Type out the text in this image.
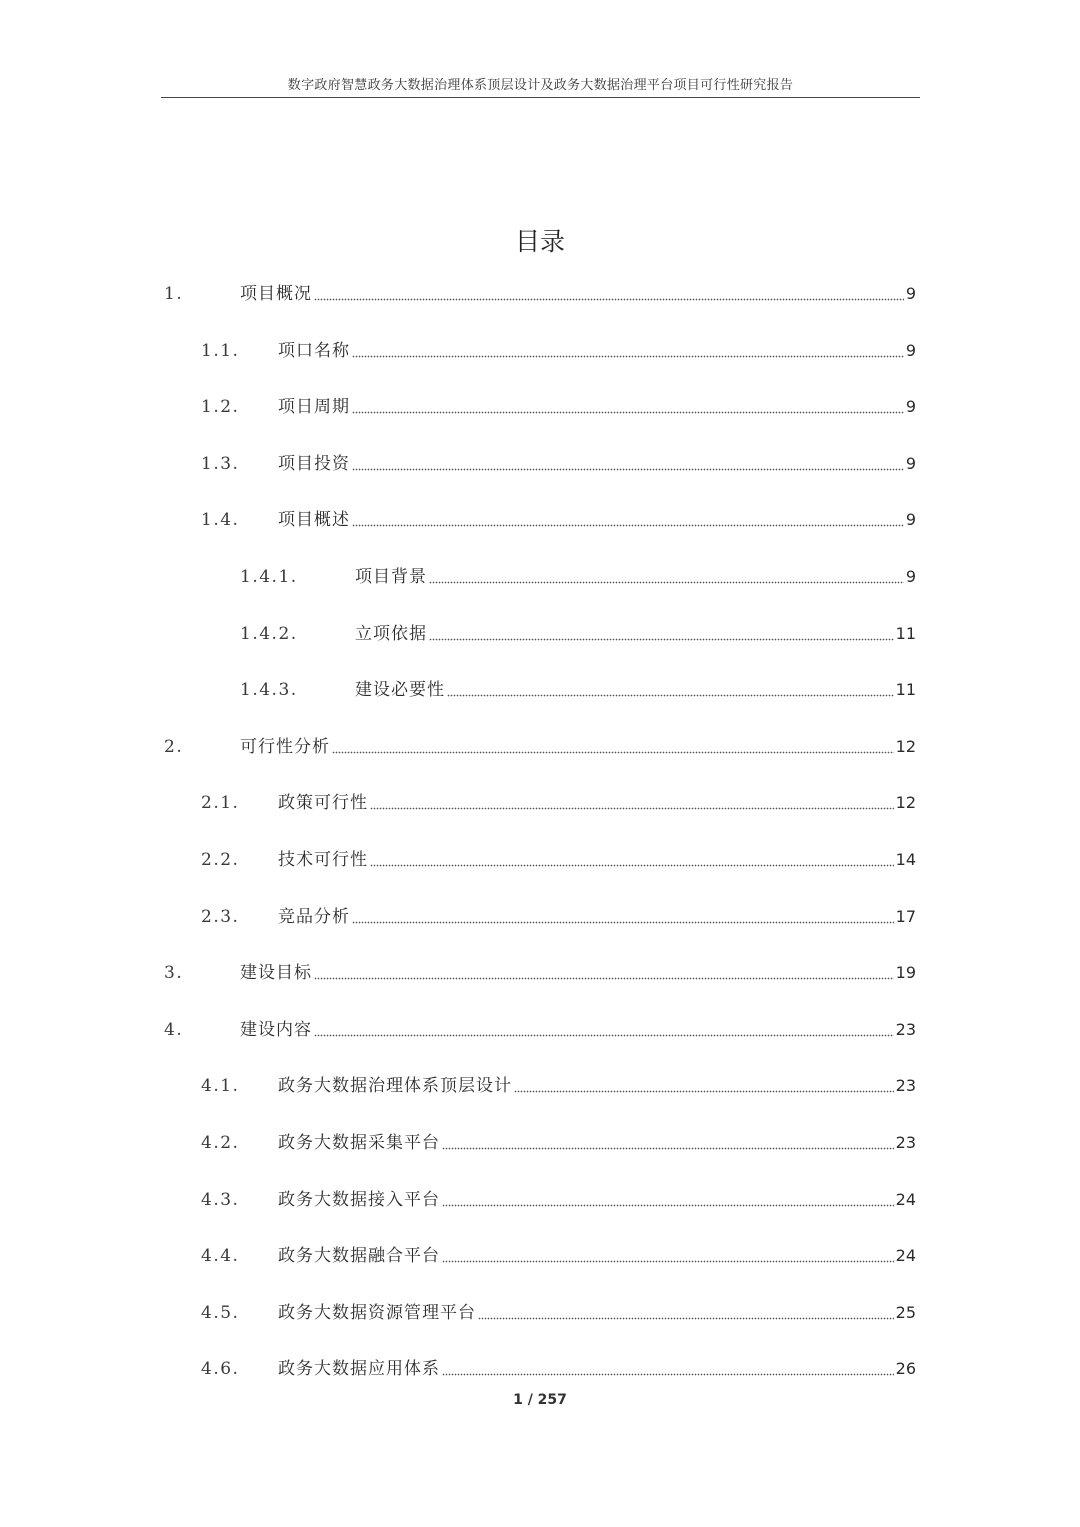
数字政府智慧政务大数据治理体系顶层设计及政务大数据治理平台项目可行性研究报告
目录
1.	项目概况	9
1.1. 项口名称	9
1.2. 项日周期	9
1.3. 项目投资	9
1.4. 项目概述	9
1.4.1.	项目背景	9
1.4.2.	立项依据	11
1.4.3.	建设必要性	11
2.	可行性分析	12
2.1. 政策可行性	12
2.2. 技术可行性	14
2.3. 竞品分析	17
3.	建设目标	19
4.	建设内容	23
4.1. 政务大数据治理体系顶层设计	23
4.2. 政务大数据采集平台	23
4.3. 政务大数据接入平台	24
4.4. 政务大数据融合平台	24
4.5. 政务大数据资源管理平台	25
4.6. 政务大数据应用体系	26
1 / 257
